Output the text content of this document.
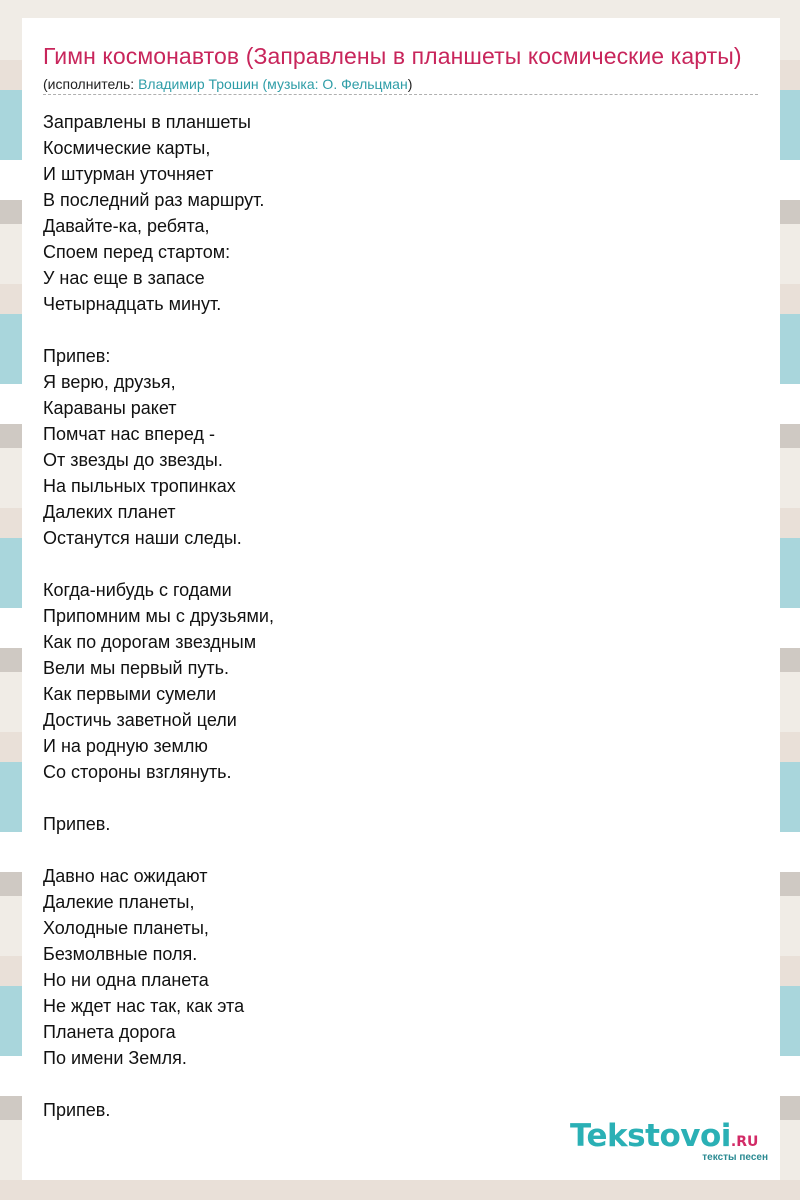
Гимн космонавтов (Заправлены в планшеты космические карты)
(исполнитель: Владимир Трошин (музыка: О. Фельцман)
Заправлены в планшеты
Космические карты,
И штурман уточняет
В последний раз маршрут.
Давайте-ка, ребята,
Споем перед стартом:
У нас еще в запасе
Четырнадцать минут.
Припев:
Я верю, друзья,
Караваны ракет
Помчат нас вперед -
От звезды до звезды.
На пыльных тропинках
Далеких планет
Останутся наши следы.
Когда-нибудь с годами
Припомним мы с друзьями,
Как по дорогам звездным
Вели мы первый путь.
Как первыми сумели
Достичь заветной цели
И на родную землю
Со стороны взглянуть.
Припев.
Давно нас ожидают
Далекие планеты,
Холодные планеты,
Безмолвные поля.
Но ни одна планета
Не ждет нас так, как эта
Планета дорога
По имени Земля.
Припев.
Tekstovoi.RU
тексты песен
